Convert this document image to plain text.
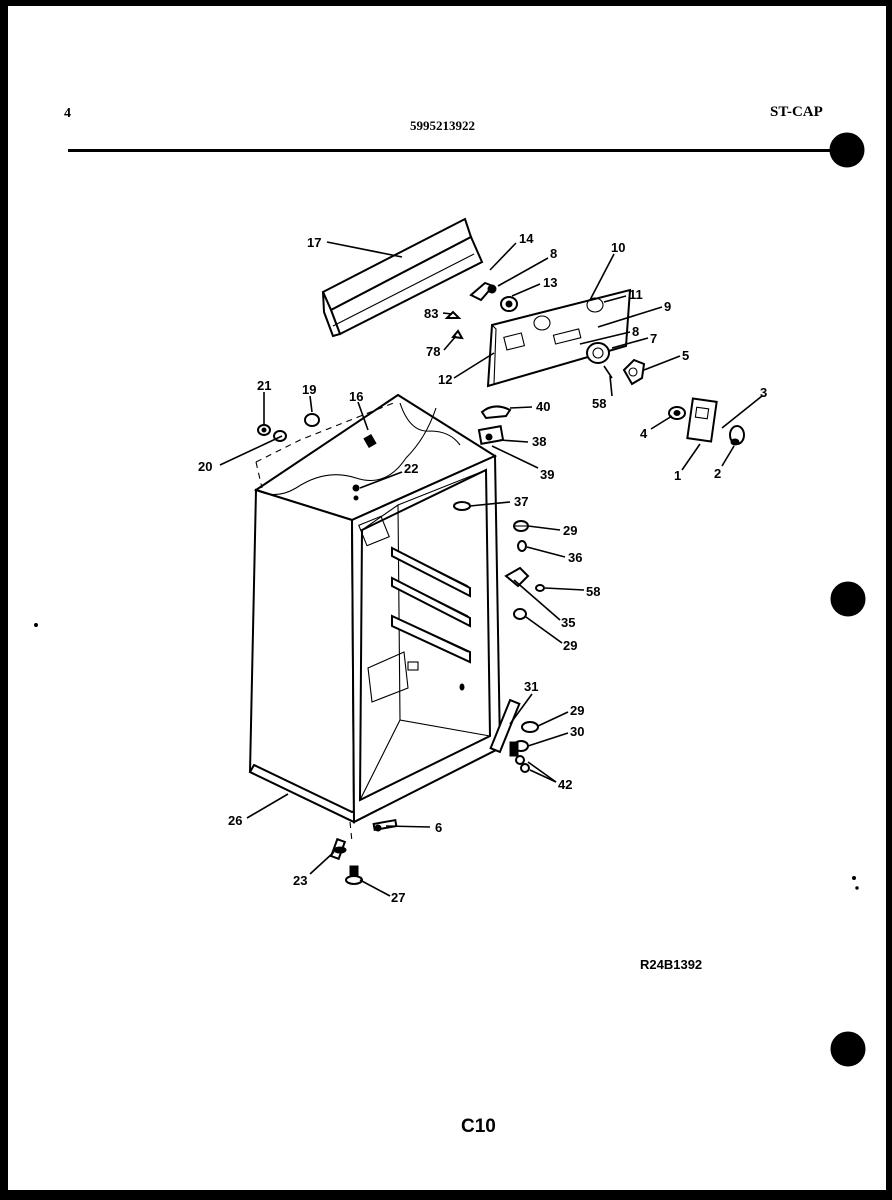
4
5995213922
ST-CAP
17	14
8
13
10
11
9
8 7
5
58
83
78
12
3
4
1	2
21 19	16
40
38
39
20	22
37
29
36
58
35
29
31
29
30
42
26	6
23
27
R24B1392
C10
